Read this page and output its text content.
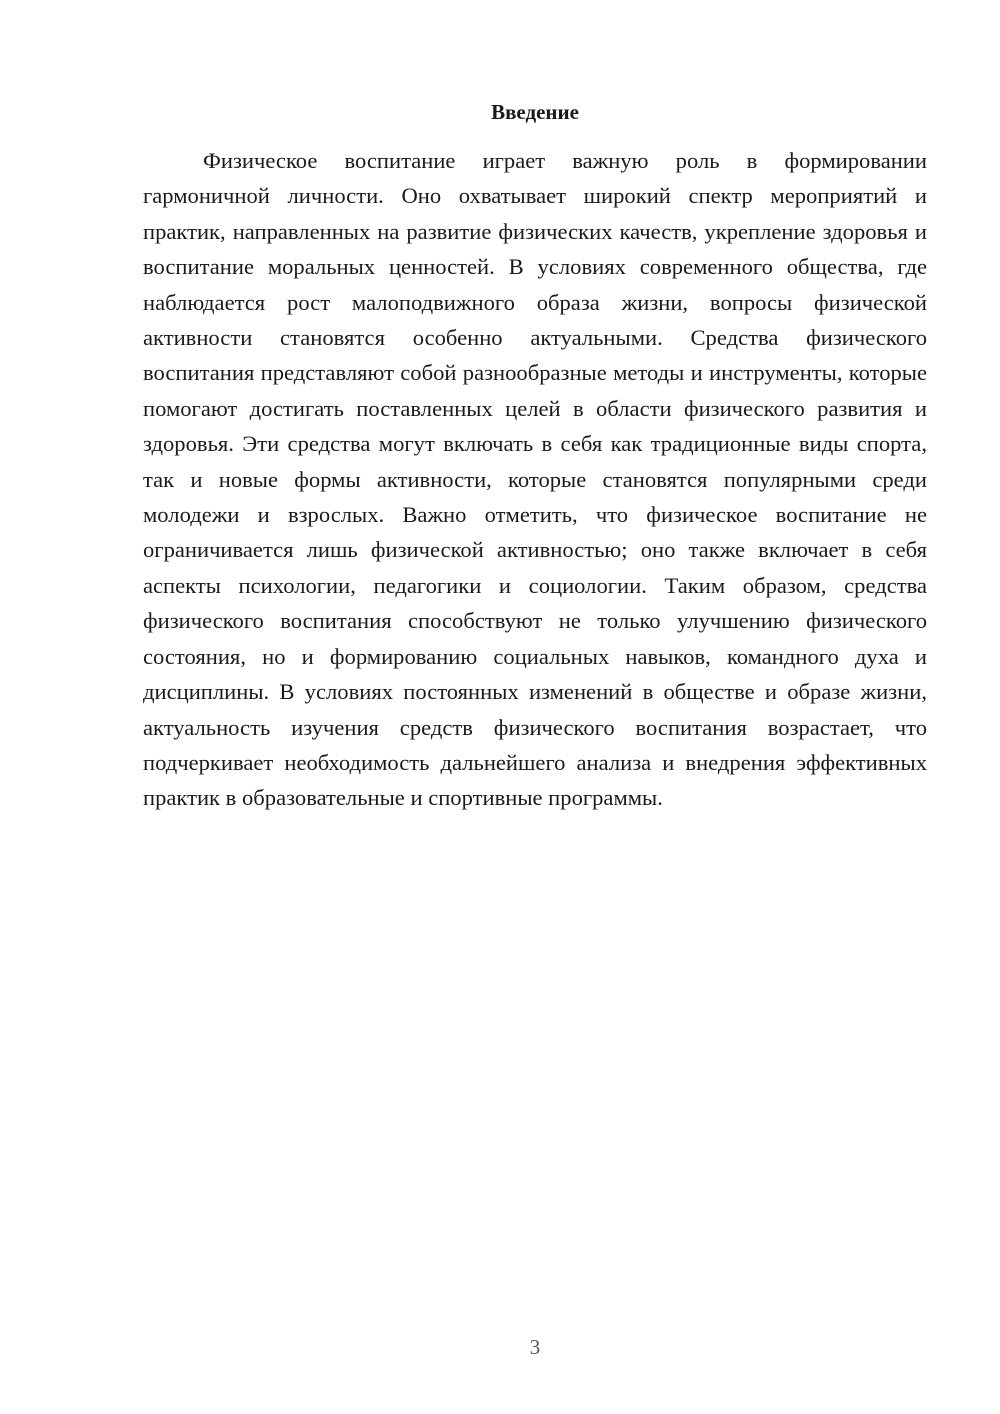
Введение

Физическое воспитание играет важную роль в формировании гармоничной личности. Оно охватывает широкий спектр мероприятий и практик, направленных на развитие физических качеств, укрепление здоровья и воспитание моральных ценностей. В условиях современного общества, где наблюдается рост малоподвижного образа жизни, вопросы физической активности становятся особенно актуальными. Средства физического воспитания представляют собой разнообразные методы и инструменты, которые помогают достигать поставленных целей в области физического развития и здоровья. Эти средства могут включать в себя как традиционные виды спорта, так и новые формы активности, которые становятся популярными среди молодежи и взрослых. Важно отметить, что физическое воспитание не ограничивается лишь физической активностью; оно также включает в себя аспекты психологии, педагогики и социологии. Таким образом, средства физического воспитания способствуют не только улучшению физического состояния, но и формированию социальных навыков, командного духа и дисциплины. В условиях постоянных изменений в обществе и образе жизни, актуальность изучения средств физического воспитания возрастает, что подчеркивает необходимость дальнейшего анализа и внедрения эффективных практик в образовательные и спортивные программы.

3
